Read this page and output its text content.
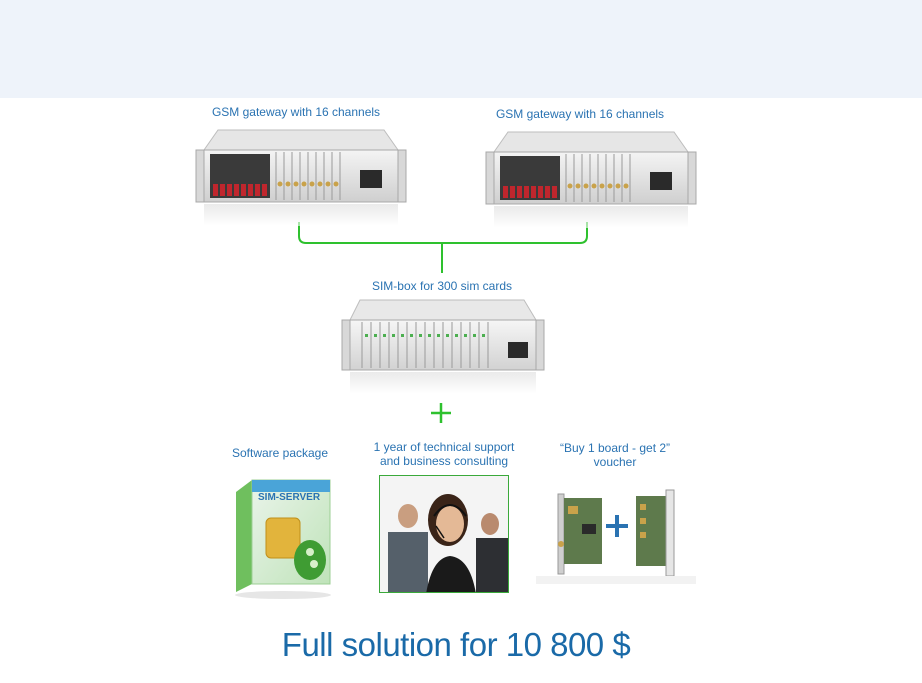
GSM gateway with 16 channels	GSM gateway with 16 channels
SIM-box for 300 sim cards
Software package	1 year of technical support
and business consulting
“Buy 1 board - get 2”
voucher
SIM-SERVER
Full solution for 10 800 $
